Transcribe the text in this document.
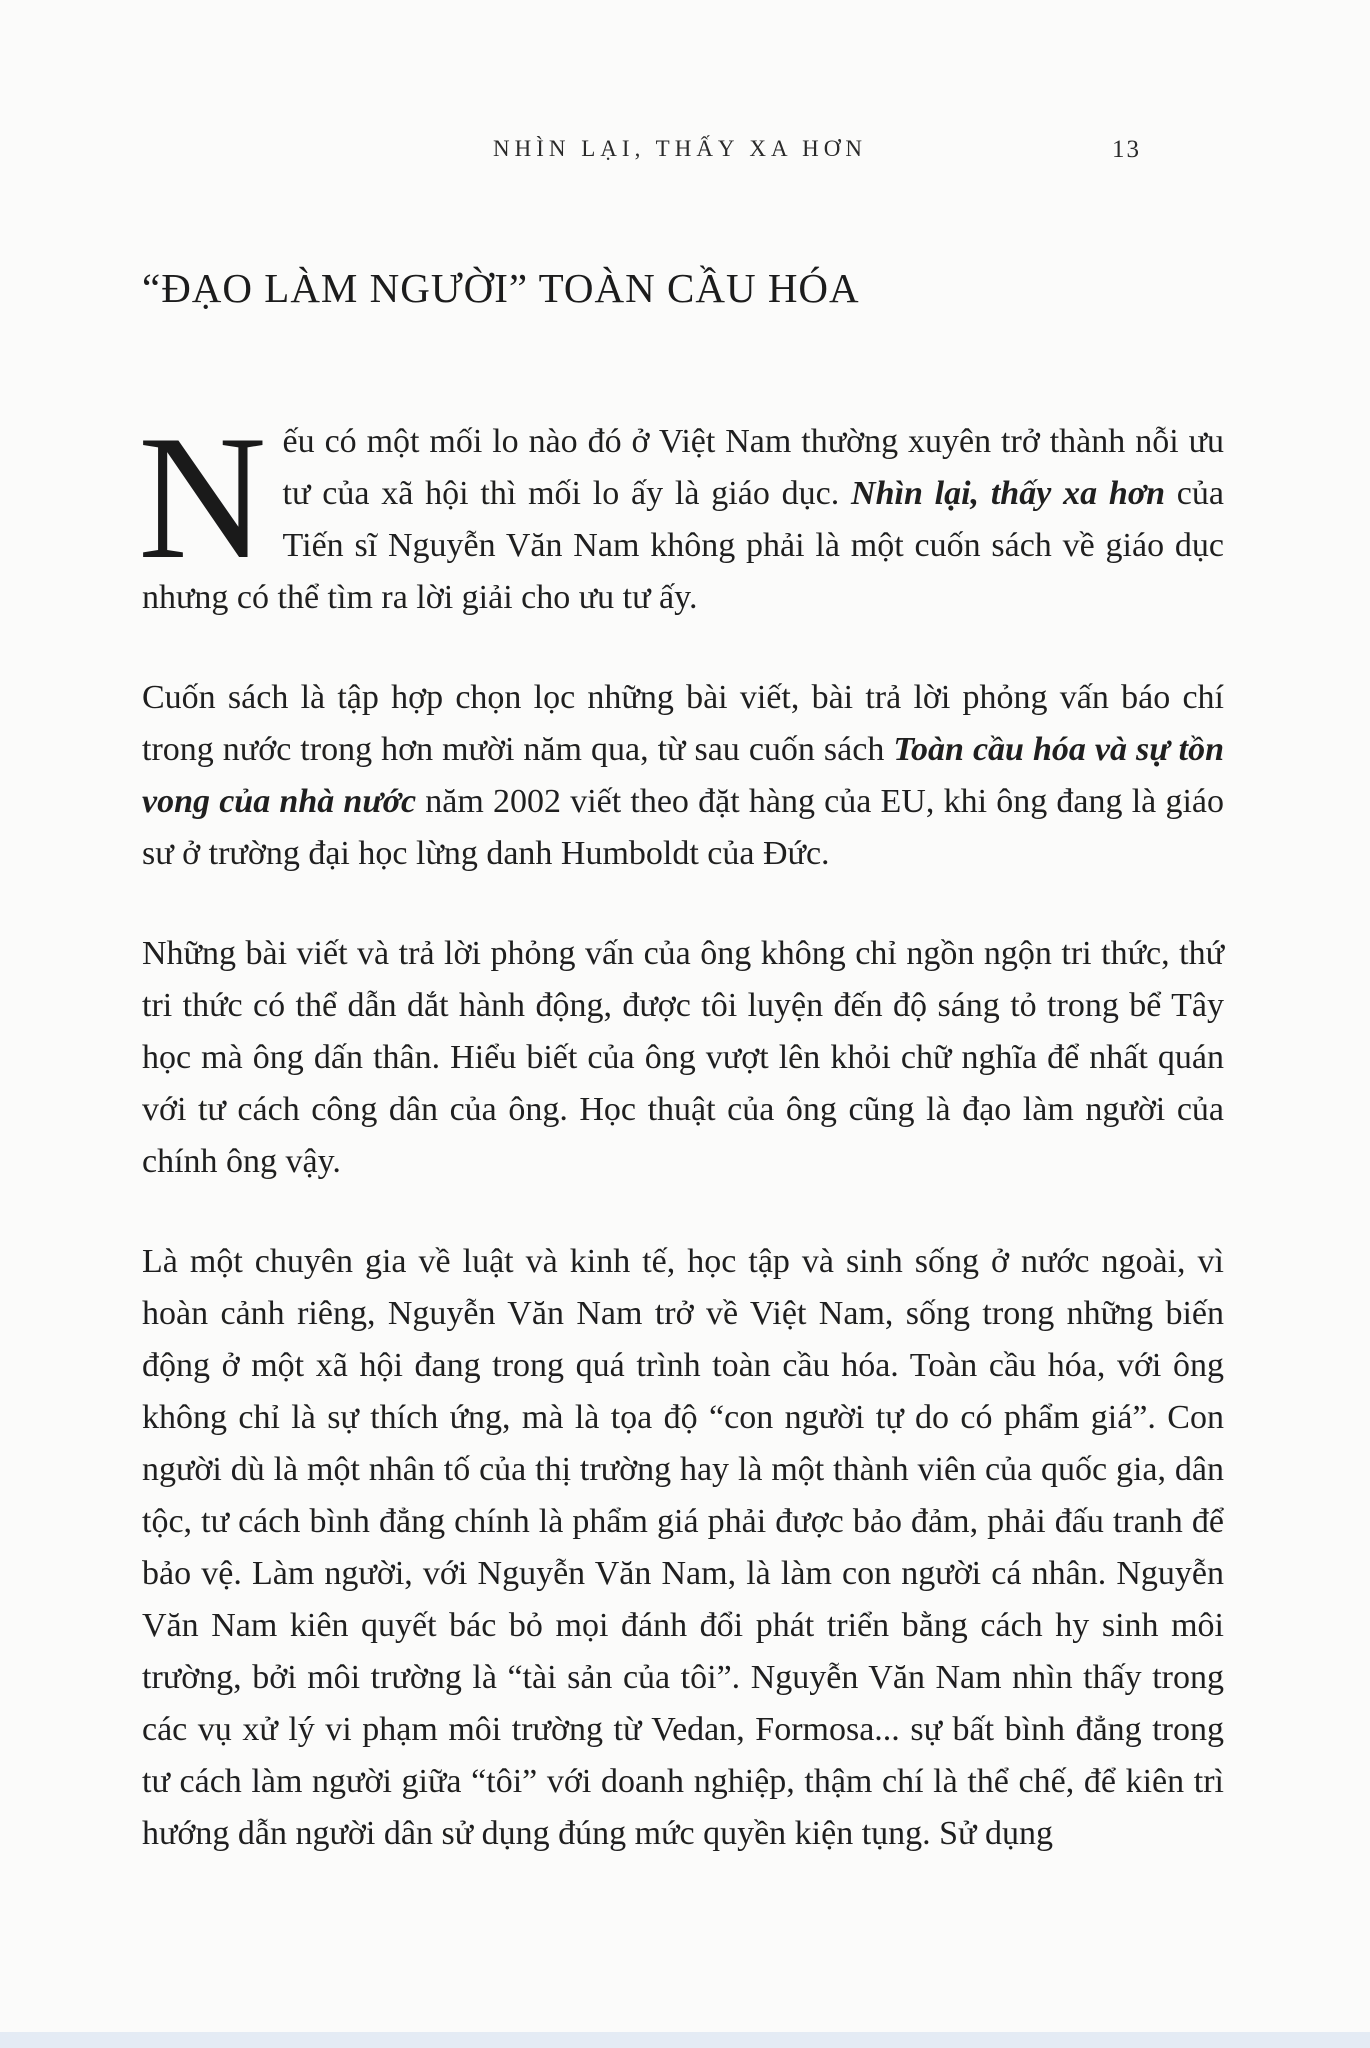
NHÌN LẠI, THẤY XA HƠN	13
“ĐẠO LÀM NGƯỜI” TOÀN CẦU HÓA

Nếu có một mối lo nào đó ở Việt Nam thường xuyên trở thành nỗi ưu tư của xã hội thì mối lo ấy là giáo dục. Nhìn lại, thấy xa hơn của Tiến sĩ Nguyễn Văn Nam không phải là một cuốn sách về giáo dục nhưng có thể tìm ra lời giải cho ưu tư ấy.

Cuốn sách là tập hợp chọn lọc những bài viết, bài trả lời phỏng vấn báo chí trong nước trong hơn mười năm qua, từ sau cuốn sách Toàn cầu hóa và sự tồn vong của nhà nước năm 2002 viết theo đặt hàng của EU, khi ông đang là giáo sư ở trường đại học lừng danh Humboldt của Đức.

Những bài viết và trả lời phỏng vấn của ông không chỉ ngồn ngộn tri thức, thứ tri thức có thể dẫn dắt hành động, được tôi luyện đến độ sáng tỏ trong bể Tây học mà ông dấn thân. Hiểu biết của ông vượt lên khỏi chữ nghĩa để nhất quán với tư cách công dân của ông. Học thuật của ông cũng là đạo làm người của chính ông vậy.

Là một chuyên gia về luật và kinh tế, học tập và sinh sống ở nước ngoài, vì hoàn cảnh riêng, Nguyễn Văn Nam trở về Việt Nam, sống trong những biến động ở một xã hội đang trong quá trình toàn cầu hóa. Toàn cầu hóa, với ông không chỉ là sự thích ứng, mà là tọa độ “con người tự do có phẩm giá”. Con người dù là một nhân tố của thị trường hay là một thành viên của quốc gia, dân tộc, tư cách bình đẳng chính là phẩm giá phải được bảo đảm, phải đấu tranh để bảo vệ. Làm người, với Nguyễn Văn Nam, là làm con người cá nhân. Nguyễn Văn Nam kiên quyết bác bỏ mọi đánh đổi phát triển bằng cách hy sinh môi trường, bởi môi trường là “tài sản của tôi”. Nguyễn Văn Nam nhìn thấy trong các vụ xử lý vi phạm môi trường từ Vedan, Formosa... sự bất bình đẳng trong tư cách làm người giữa “tôi” với doanh nghiệp, thậm chí là thể chế, để kiên trì hướng dẫn người dân sử dụng đúng mức quyền kiện tụng. Sử dụng
